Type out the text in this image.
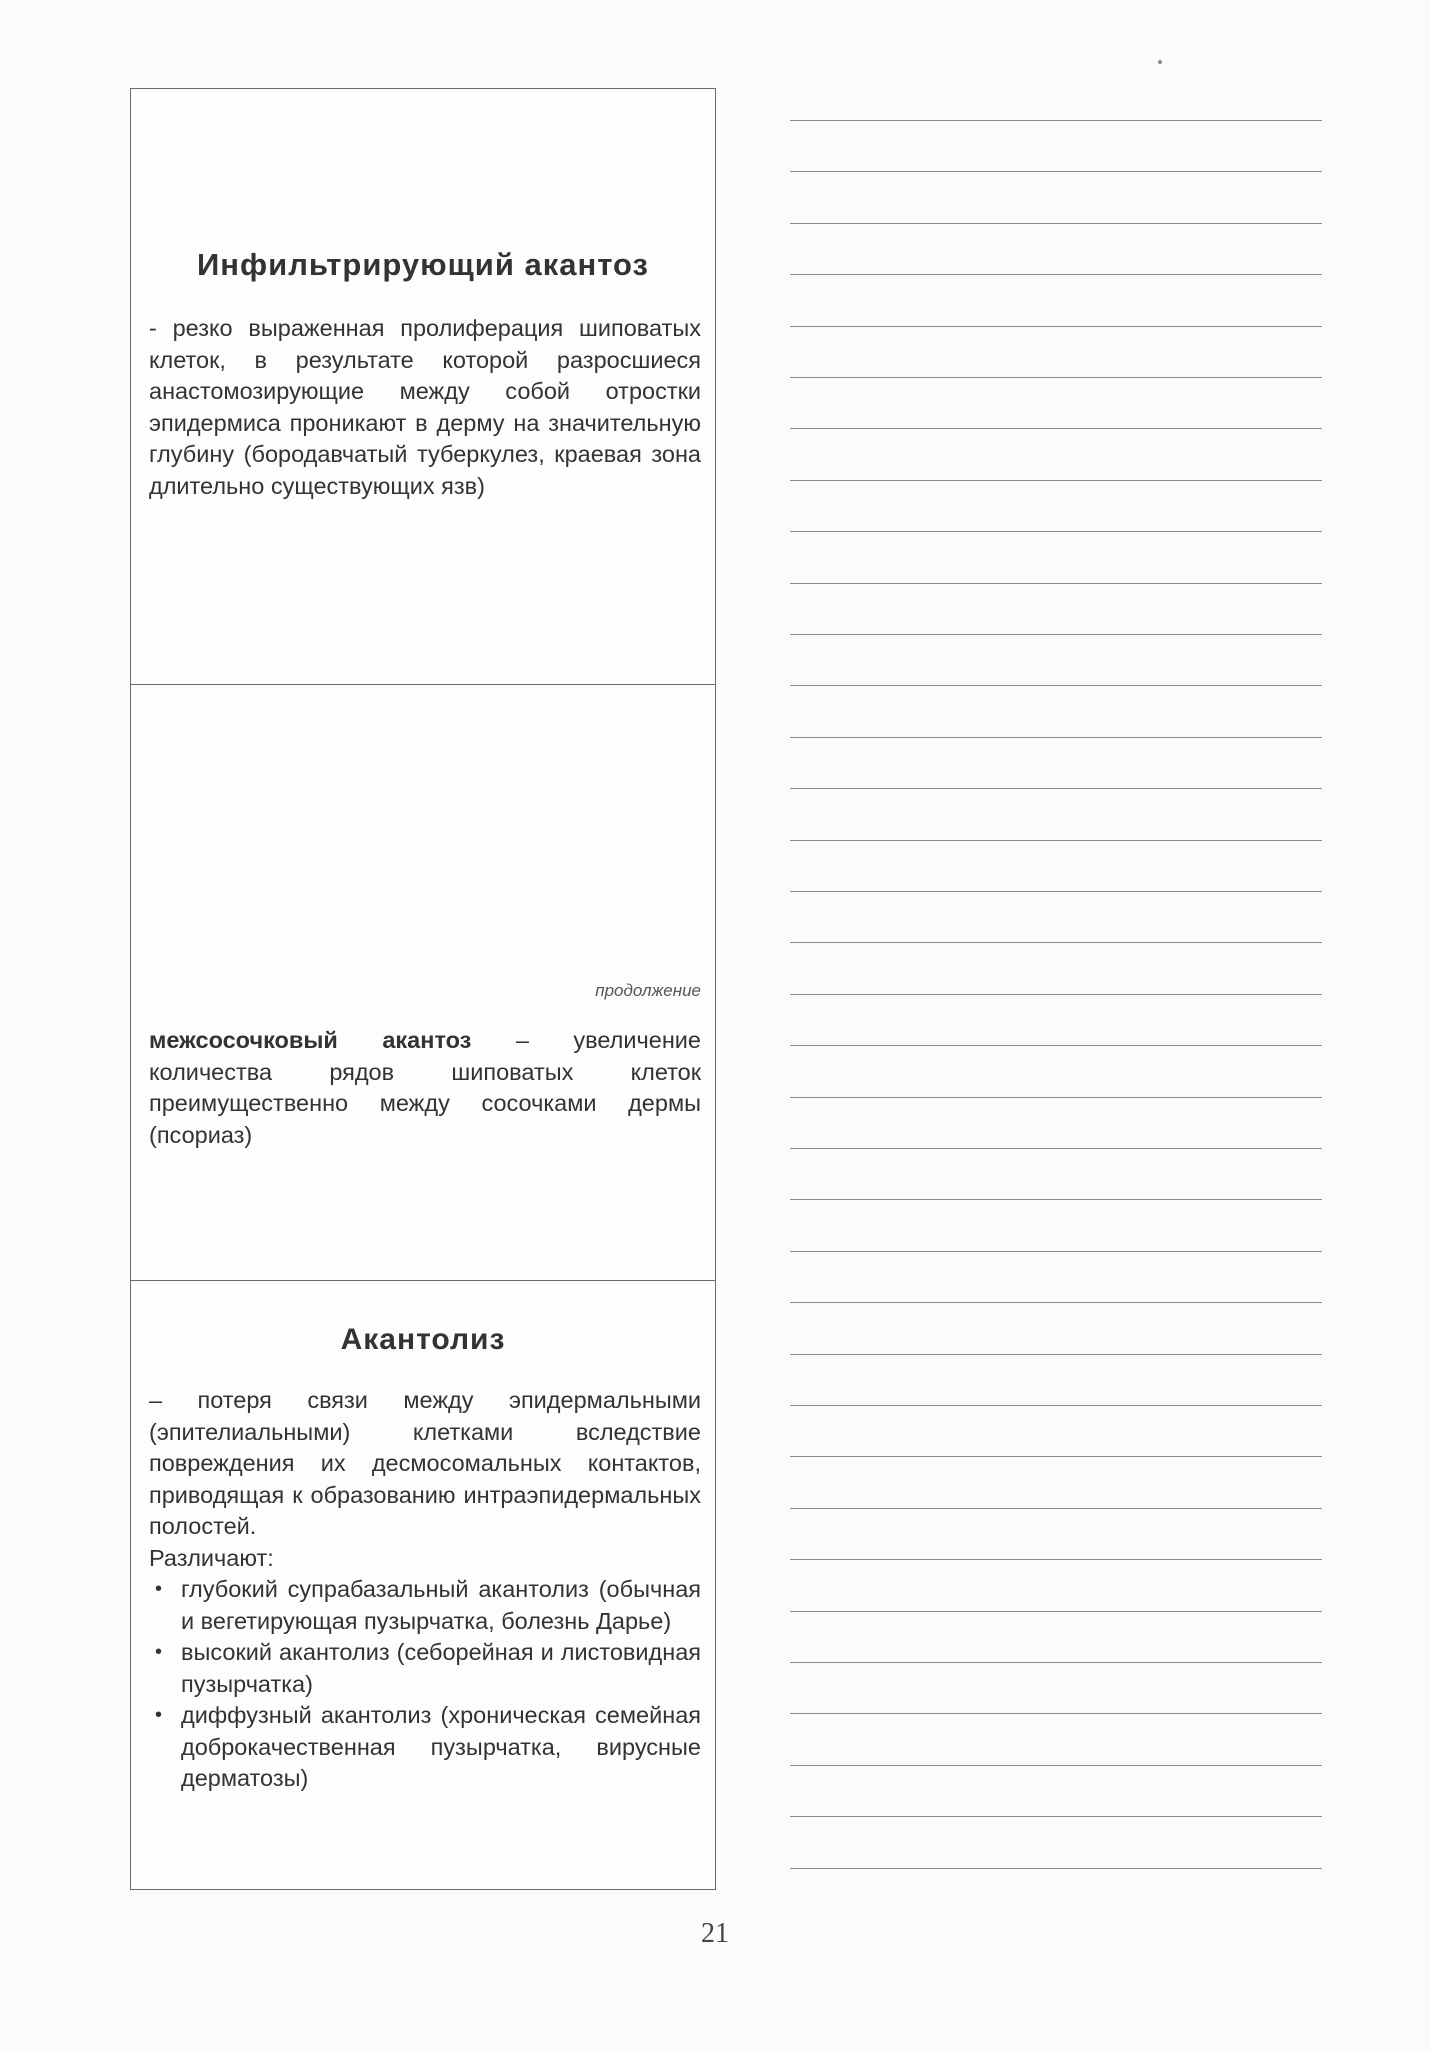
Инфильтрирующий акантоз
- резко выраженная пролиферация шиповатых клеток, в результате которой разросшиеся анастомозирующие между собой отростки эпидермиса проникают в дерму на значительную глубину (бородавчатый туберкулез, краевая зона длительно существующих язв)
продолжение
межсосочковый акантоз – увеличение количества рядов шиповатых клеток преимущественно между сосочками дермы (псориаз)
Акантолиз
– потеря связи между эпидермальными (эпителиальными) клетками вследствие повреждения их десмосомальных контактов, приводящая к образованию интраэпидермальных полостей.
Различают:
• глубокий супрабазальный акантолиз (обычная и вегетирующая пузырчатка, болезнь Дарье)
• высокий акантолиз (себорейная и листовидная пузырчатка)
• диффузный акантолиз (хроническая семейная доброкачественная пузырчатка, вирусные дерматозы)
21
